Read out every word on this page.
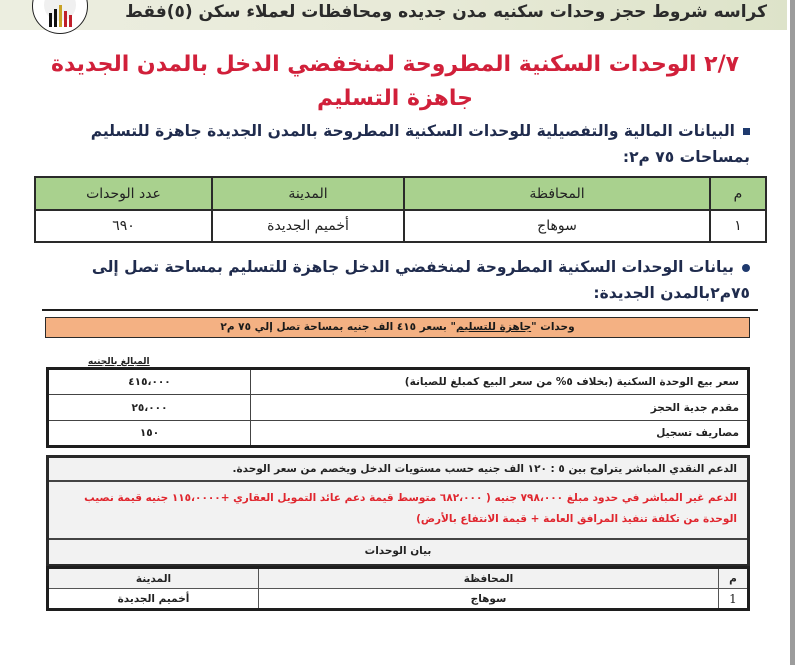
كراسه شروط حجز وحدات سكنيه مدن جديده ومحافظات لعملاء سكن (٥)فقط
٢/٧ الوحدات السكنية المطروحة لمنخفضي الدخل بالمدن الجديدة
جاهزة التسليم
البيانات المالية والتفصيلية للوحدات السكنية المطروحة بالمدن الجديدة جاهزة للتسليم بمساحات ٧٥ م٢:
م	المحافظة	المدينة	عدد الوحدات
١	سوهاج	أخميم الجديدة	٦٩٠
بيانات الوحدات السكنية المطروحة لمنخفضي الدخل جاهزة للتسليم بمساحة تصل إلى ٧٥م٢بالمدن الجديدة:
وحدات "جاهزة للتسليم" بسعر ٤١٥ الف جنيه بمساحة تصل إلي ٧٥ م٢
المبالغ بالجنيه
سعر بيع الوحدة السكنية (بخلاف ٥% من سعر البيع كمبلغ للصيانة)	٤١٥،٠٠٠
مقدم جدية الحجز	٢٥،٠٠٠
مصاريف تسجيل	١٥٠
الدعم النقدي المباشر يتراوح بين ٥ : ١٢٠ الف جنيه حسب مستويات الدخل ويخصم من سعر الوحدة.
الدعم غير المباشر في حدود مبلغ ٧٩٨،٠٠٠ جنيه ( ٦٨٢،٠٠٠ متوسط قيمة دعم عائد التمويل العقاري +١١٥،٠٠٠٠ جنيه قيمة نصيب الوحدة من تكلفة تنفيذ المرافق العامة + قيمة الانتفاع بالأرض)
بيان الوحدات
م	المحافظة	المدينة
1	سوهاج	أخميم الجديدة
